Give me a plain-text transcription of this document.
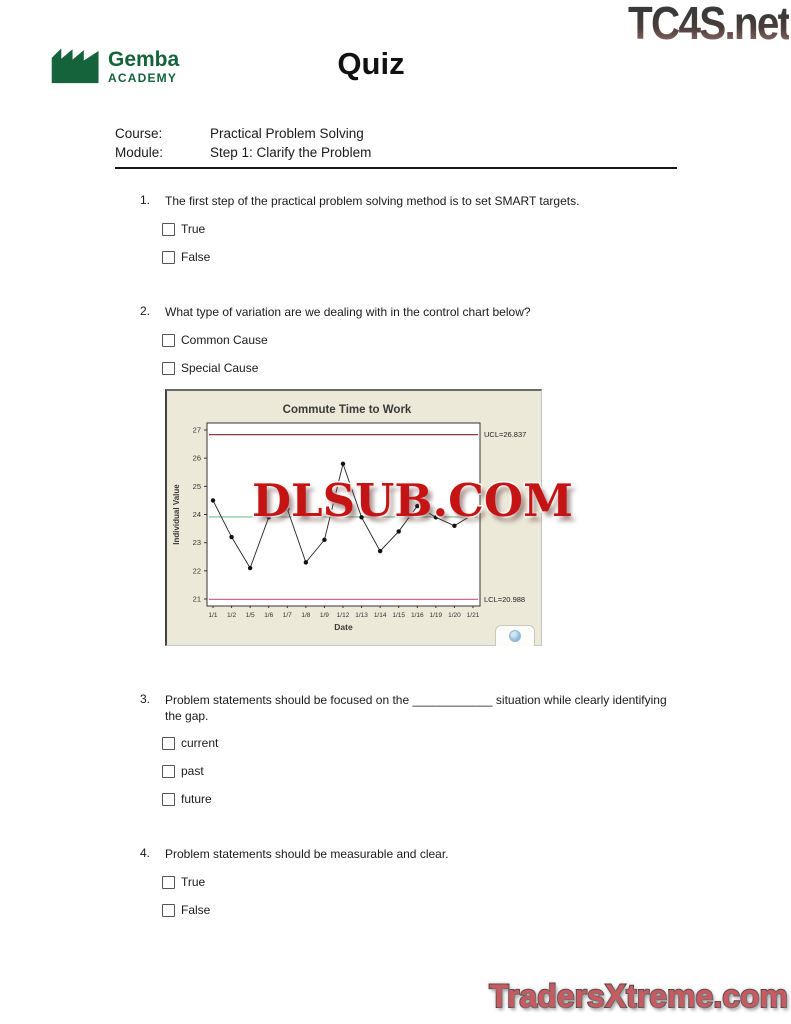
TC4S.net
Gemba
ACADEMY	Quiz
Course:	Practical Problem Solving
Module:	Step 1: Clarify the Problem
1.	The first step of the practical problem solving method is to set SMART targets.
True
False
2.	What type of variation are we dealing with in the control chart below?
Common Cause
Special Cause
Commute Time to Work
27
26
25
24
23
22
21
UCL=26.837
LCL=20.988
1/1 1/2 1/5 1/6 1/7 1/8 1/9 1/12 1/13 1/14 1/15 1/16 1/19 1/20 1/21
Date
Individual Value DLSUB.COM
3.	Problem statements should be focused on the ____________ situation while clearly identifying the gap.
current
past
future
4.	Problem statements should be measurable and clear.
True
False
TradersXtreme.com
